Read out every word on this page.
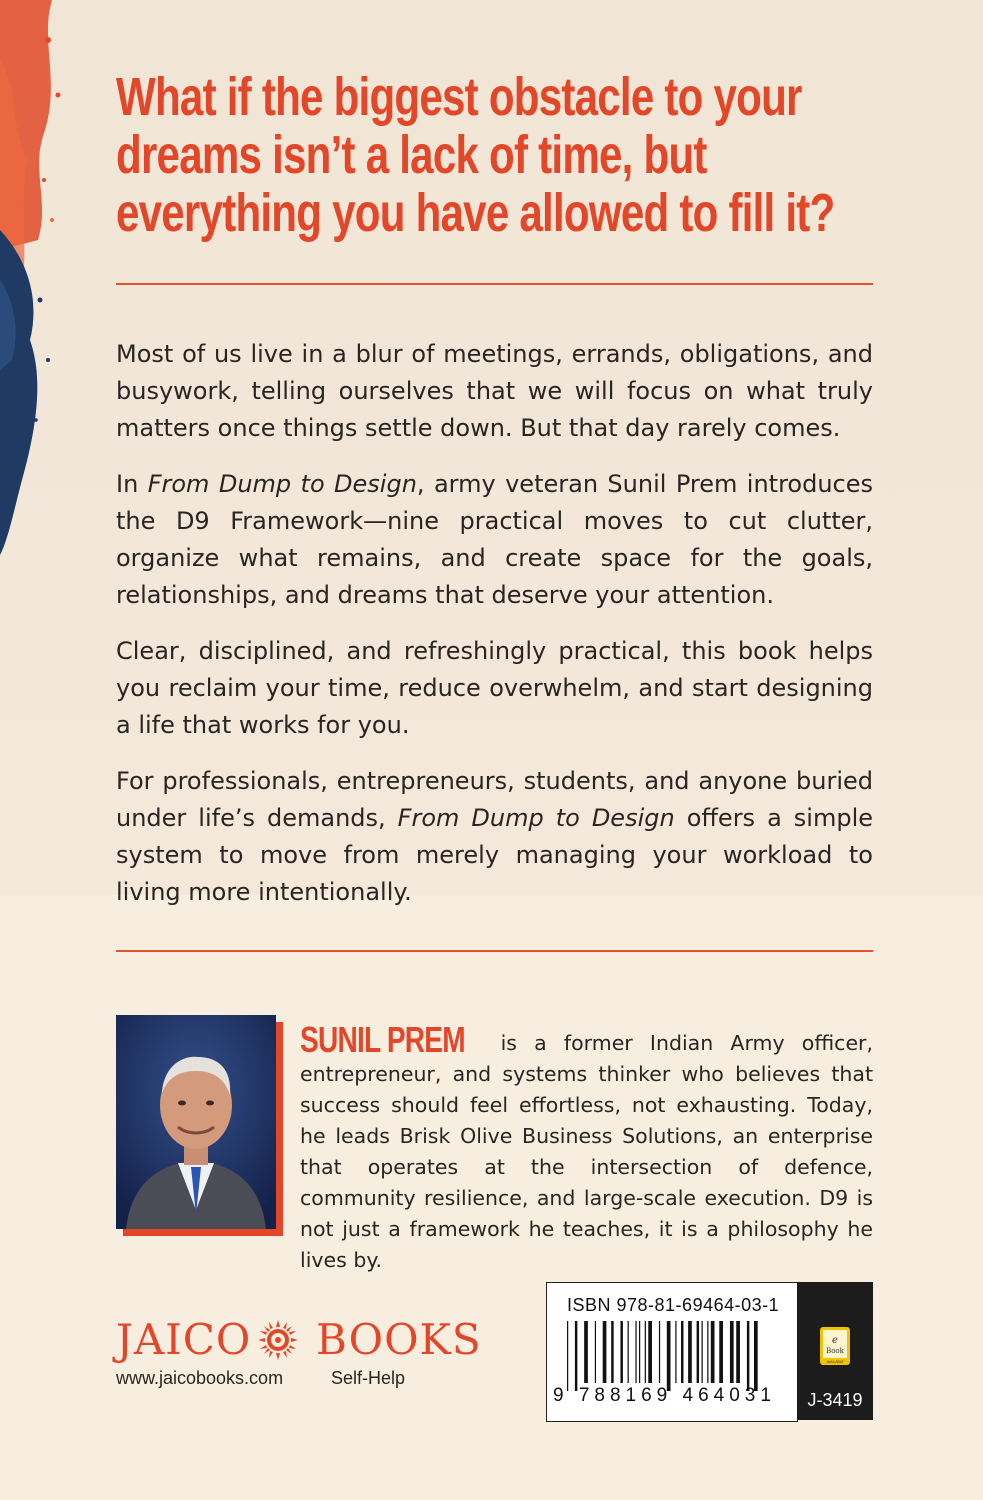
What if the biggest obstacle to your
dreams isn’t a lack of time, but
everything you have allowed to fill it?

Most of us live in a blur of meetings, errands, obligations, and busywork, telling ourselves that we will focus on what truly matters once things settle down. But that day rarely comes.

In From Dump to Design, army veteran Sunil Prem introduces the D9 Framework—nine practical moves to cut clutter, organize what remains, and create space for the goals, relationships, and dreams that deserve your attention.

Clear, disciplined, and refreshingly practical, this book helps you reclaim your time, reduce overwhelm, and start designing a life that works for you.

For professionals, entrepreneurs, students, and anyone buried under life’s demands, From Dump to Design offers a simple system to move from merely managing your workload to living more intentionally.

SUNIL PREM is a former Indian Army officer, entrepreneur, and systems thinker who believes that success should feel effortless, not exhausting. Today, he leads Brisk Olive Business Solutions, an enterprise that operates at the intersection of defence, community resilience, and large-scale execution. D9 is not just a framework he teaches, it is a philosophy he lives by.
JAICO BOOKS
www.jaicobooks.com	Self-Help
ISBN 978-81-69464-03-1
9 788169 464031
e
Book
AVAILABLE
J-3419
